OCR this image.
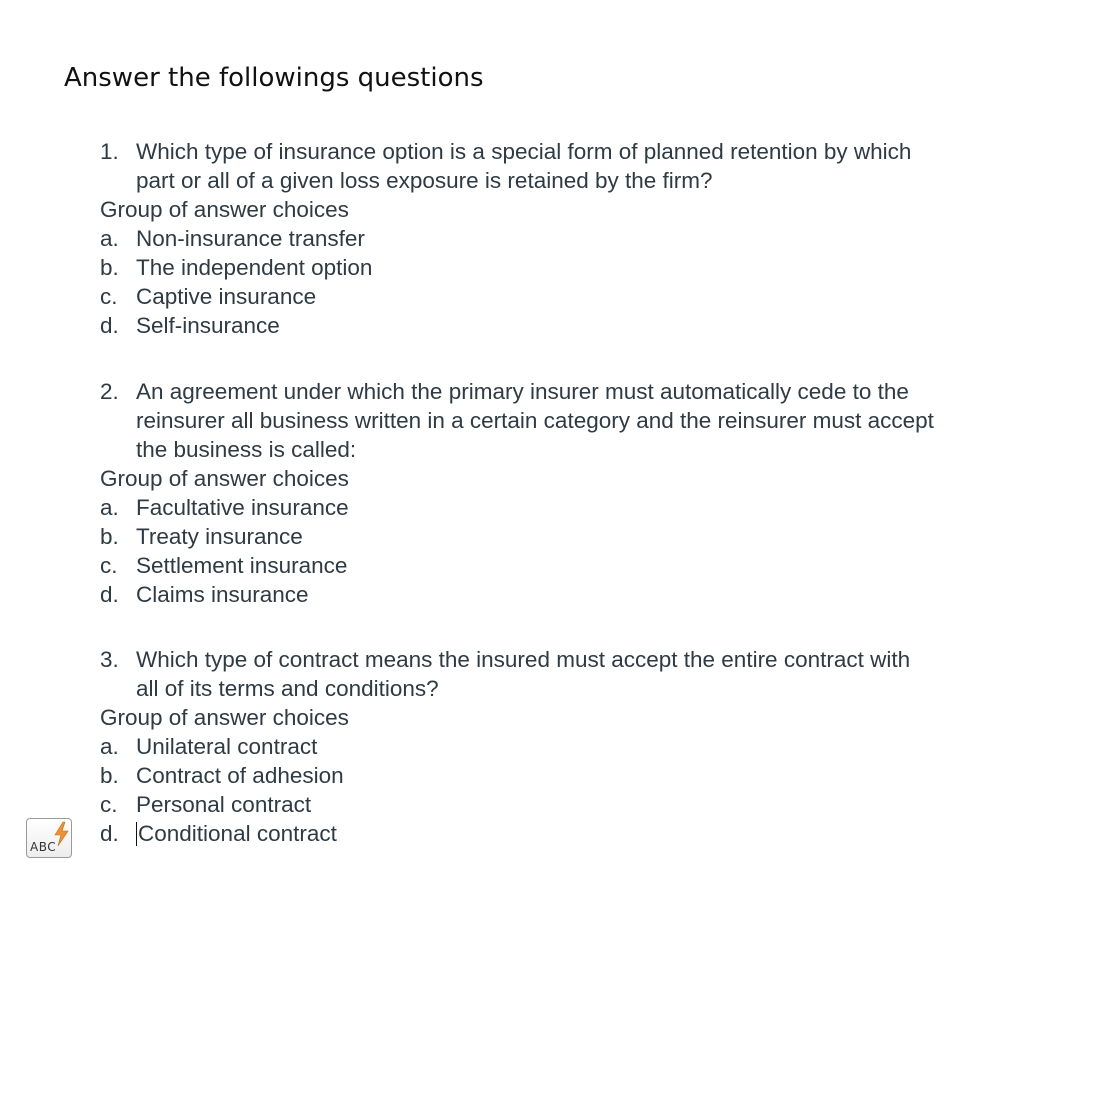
Answer the followings questions
1. Which type of insurance option is a special form of planned retention by which
part or all of a given loss exposure is retained by the firm?
Group of answer choices
a. Non-insurance transfer
b. The independent option
c. Captive insurance
d. Self-insurance
2. An agreement under which the primary insurer must automatically cede to the
reinsurer all business written in a certain category and the reinsurer must accept
the business is called:
Group of answer choices
a. Facultative insurance
b. Treaty insurance
c. Settlement insurance
d. Claims insurance
3. Which type of contract means the insured must accept the entire contract with
all of its terms and conditions?
Group of answer choices
a. Unilateral contract
b. Contract of adhesion
c. Personal contract
d. Conditional contract
ABC
